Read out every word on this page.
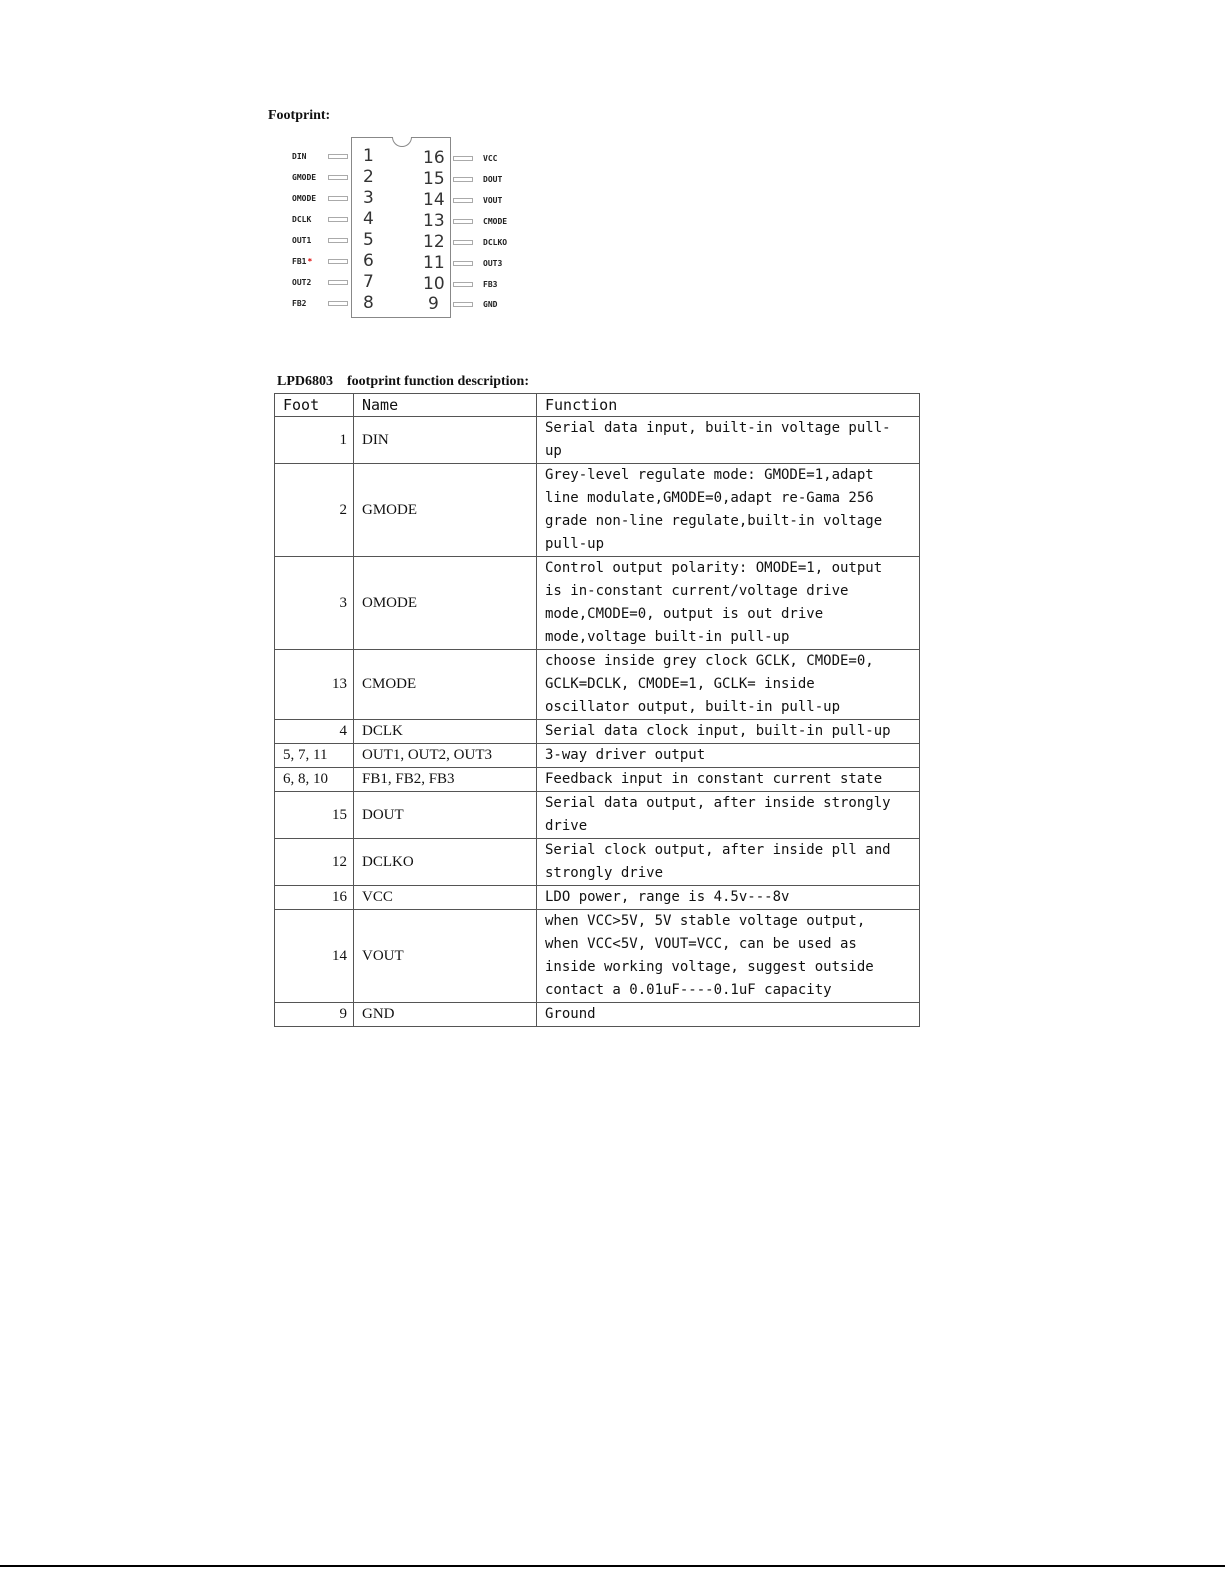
Footprint:
DIN	1
GMODE	2
OMODE	3
DCLK	4
OUT1	5
FB1*	6
OUT2	7
FB2	8
16	VCC
15	DOUT
14	VOUT
13	CMODE
12	DCLKO
11	OUT3
10	FB3
9	GND
LPD6803    footprint function description:
Foot	Name	Function
1	DIN	Serial data input, built-in voltage pull-
up
2	GMODE	Grey-level regulate mode: GMODE=1,adapt
line modulate,GMODE=0,adapt re-Gama 256
grade non-line regulate,built-in voltage
pull-up
3	OMODE	Control output polarity: OMODE=1, output
is in-constant current/voltage drive
mode,CMODE=0, output is out drive
mode,voltage built-in pull-up
13	CMODE	choose inside grey clock GCLK, CMODE=0,
GCLK=DCLK, CMODE=1, GCLK= inside
oscillator output, built-in pull-up
4	DCLK	Serial data clock input, built-in pull-up
5, 7, 11	OUT1, OUT2, OUT3	3-way driver output
6, 8, 10	FB1, FB2, FB3	Feedback input in constant current state
15	DOUT	Serial data output, after inside strongly
drive
12	DCLKO	Serial clock output, after inside pll and
strongly drive
16	VCC	LDO power, range is 4.5v---8v
14	VOUT	when VCC>5V, 5V stable voltage output,
when VCC<5V, VOUT=VCC, can be used as
inside working voltage, suggest outside
contact a 0.01uF----0.1uF capacity
9	GND	Ground
